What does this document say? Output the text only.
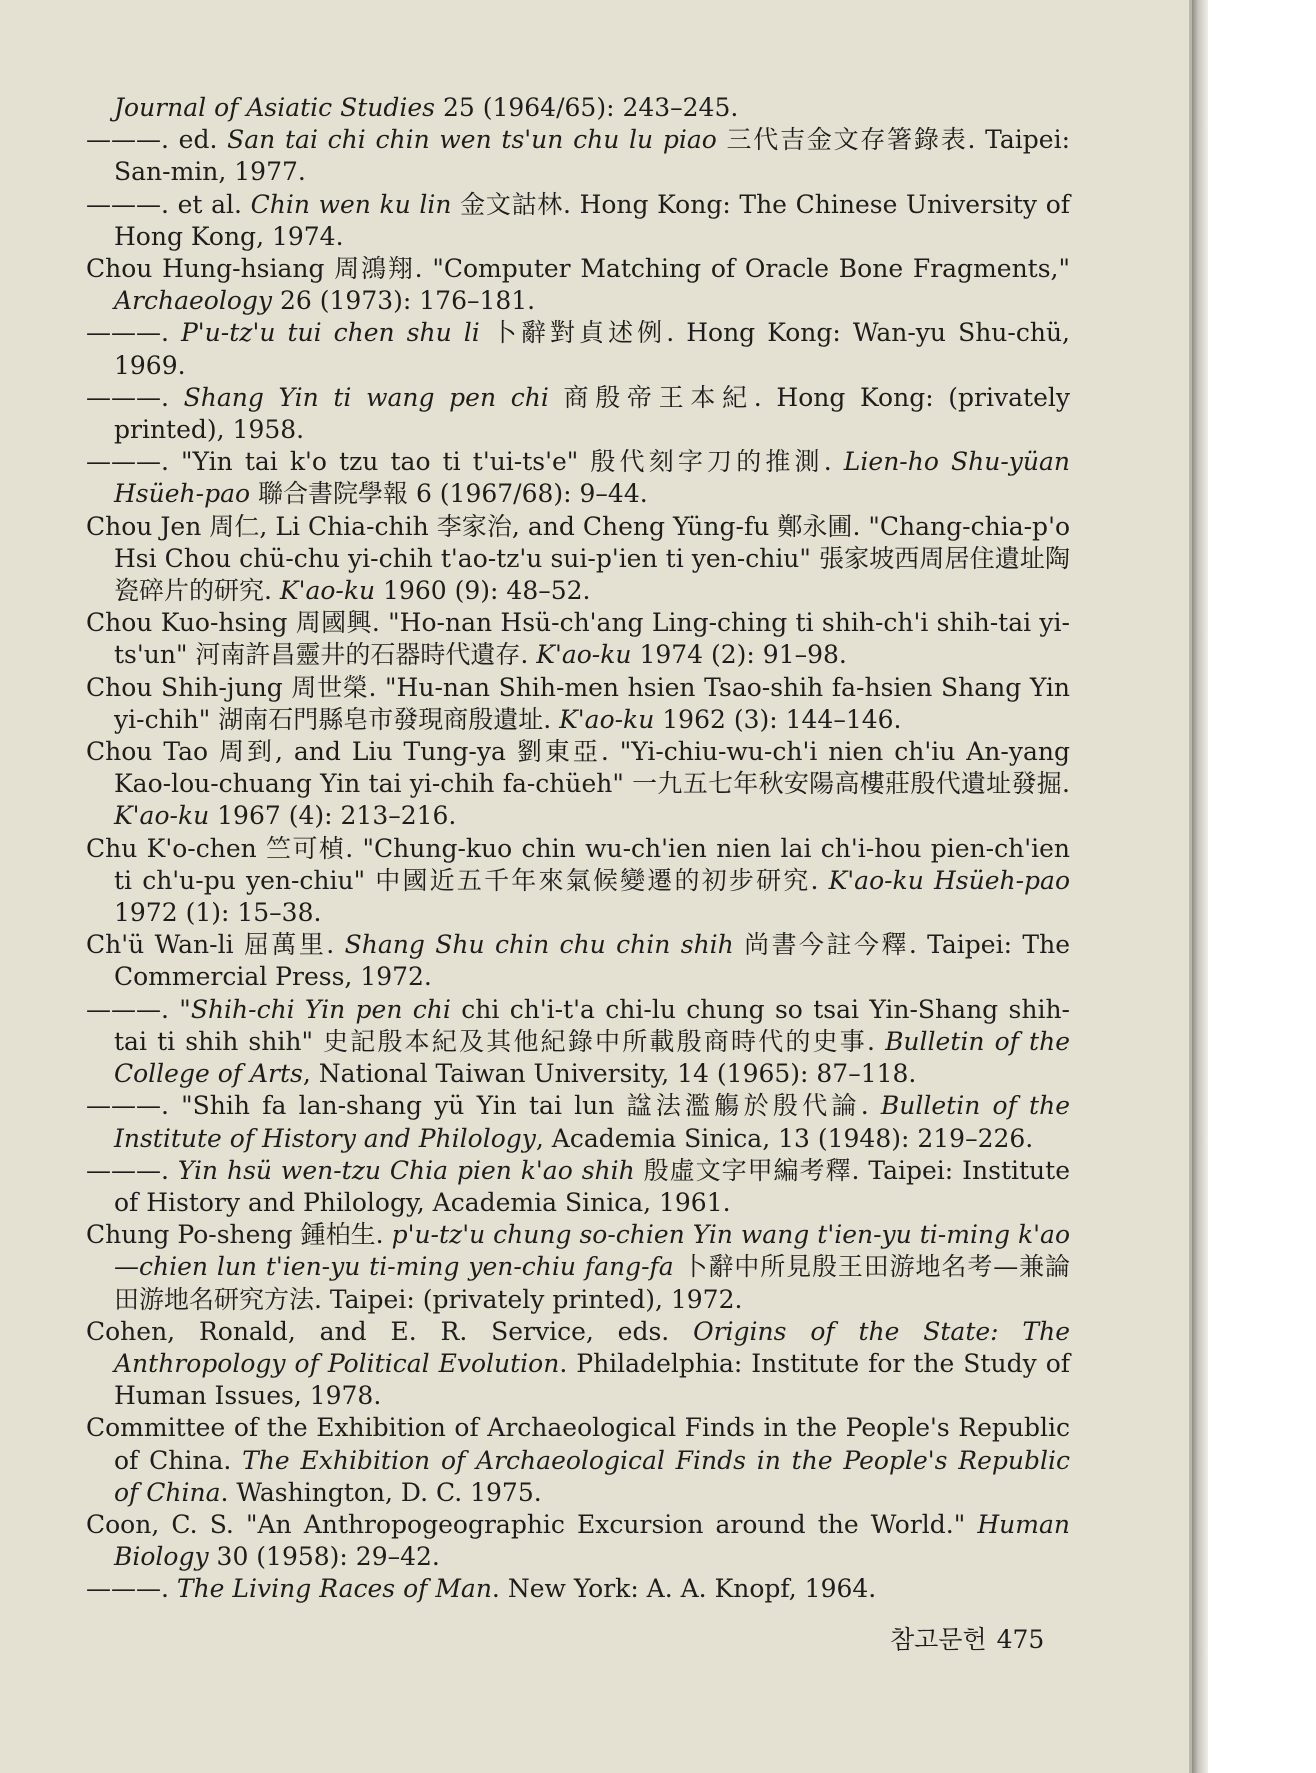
Journal of Asiatic Studies 25 (1964/65): 243–245.
———. ed. San tai chi chin wen ts'un chu lu piao 三代吉金文存箸錄表. Taipei: San-min, 1977.
———. et al. Chin wen ku lin 金文詁林. Hong Kong: The Chinese University of Hong Kong, 1974.
Chou Hung-hsiang 周鴻翔. "Computer Matching of Oracle Bone Fragments," Archaeology 26 (1973): 176–181.
———. P'u-tz'u tui chen shu li 卜辭對貞述例. Hong Kong: Wan-yu Shu-chü, 1969.
———. Shang Yin ti wang pen chi 商殷帝王本紀. Hong Kong: (privately printed), 1958.
———. "Yin tai k'o tzu tao ti t'ui-ts'e" 殷代刻字刀的推測. Lien-ho Shu-yüan Hsüeh-pao 聯合書院學報 6 (1967/68): 9–44.
Chou Jen 周仁, Li Chia-chih 李家治, and Cheng Yüng-fu 鄭永圃. "Chang-chia-p'o Hsi Chou chü-chu yi-chih t'ao-tz'u sui-p'ien ti yen-chiu" 張家坡西周居住遺址陶瓷碎片的研究. K'ao-ku 1960 (9): 48–52.
Chou Kuo-hsing 周國興. "Ho-nan Hsü-ch'ang Ling-ching ti shih-ch'i shih-tai yi-ts'un" 河南許昌靈井的石器時代遺存. K'ao-ku 1974 (2): 91–98.
Chou Shih-jung 周世榮. "Hu-nan Shih-men hsien Tsao-shih fa-hsien Shang Yin yi-chih" 湖南石門縣皂市發現商殷遺址. K'ao-ku 1962 (3): 144–146.
Chou Tao 周到, and Liu Tung-ya 劉東亞. "Yi-chiu-wu-ch'i nien ch'iu An-yang Kao-lou-chuang Yin tai yi-chih fa-chüeh" 一九五七年秋安陽高樓莊殷代遺址發掘. K'ao-ku 1967 (4): 213–216.
Chu K'o-chen 竺可楨. "Chung-kuo chin wu-ch'ien nien lai ch'i-hou pien-ch'ien ti ch'u-pu yen-chiu" 中國近五千年來氣候變遷的初步研究. K'ao-ku Hsüeh-pao 1972 (1): 15–38.
Ch'ü Wan-li 屈萬里. Shang Shu chin chu chin shih 尚書今註今釋. Taipei: The Commercial Press, 1972.
———. "Shih-chi Yin pen chi chi ch'i-t'a chi-lu chung so tsai Yin-Shang shih-tai ti shih shih" 史記殷本紀及其他紀錄中所載殷商時代的史事. Bulletin of the College of Arts, National Taiwan University, 14 (1965): 87–118.
———. "Shih fa lan-shang yü Yin tai lun 諡法濫觴於殷代論. Bulletin of the Institute of History and Philology, Academia Sinica, 13 (1948): 219–226.
———. Yin hsü wen-tzu Chia pien k'ao shih 殷虛文字甲編考釋. Taipei: Institute of History and Philology, Academia Sinica, 1961.
Chung Po-sheng 鍾柏生. p'u-tz'u chung so-chien Yin wang t'ien-yu ti-ming k'ao—chien lun t'ien-yu ti-ming yen-chiu fang-fa 卜辭中所見殷王田游地名考—兼論田游地名研究方法. Taipei: (privately printed), 1972.
Cohen, Ronald, and E. R. Service, eds. Origins of the State: The Anthropology of Political Evolution. Philadelphia: Institute for the Study of Human Issues, 1978.
Committee of the Exhibition of Archaeological Finds in the People's Republic of China. The Exhibition of Archaeological Finds in the People's Republic of China. Washington, D. C. 1975.
Coon, C. S. "An Anthropogeographic Excursion around the World." Human Biology 30 (1958): 29–42.
———. The Living Races of Man. New York: A. A. Knopf, 1964.
참고문헌 475
